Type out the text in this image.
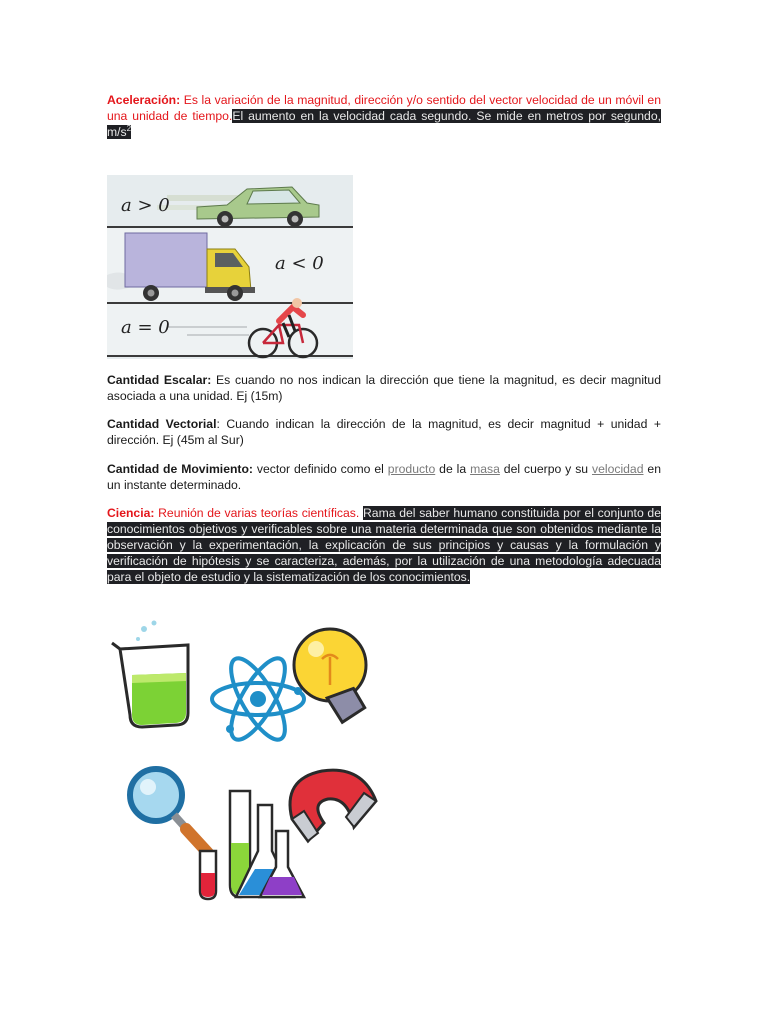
Aceleración: Es la variación de la magnitud, dirección y/o sentido del vector velocidad de un móvil en una unidad de tiempo.El aumento en la velocidad cada segundo. Se mide en metros por segundo, $m/s^2$
a > 0
a < 0
a = 0
Cantidad Escalar: Es cuando no nos indican la dirección que tiene la magnitud, es decir magnitud asociada a una unidad. Ej (15m)
Cantidad Vectorial: Cuando indican la dirección de la magnitud, es decir magnitud + unidad + dirección. Ej (45m al Sur)
Cantidad de Movimiento: vector definido como el producto de la masa del cuerpo y su velocidad en un instante determinado.
Ciencia: Reunión de varias teorías científicas. Rama del saber humano constituida por el conjunto de conocimientos objetivos y verificables sobre una materia determinada que son obtenidos mediante la observación y la experimentación, la explicación de sus principios y causas y la formulación y verificación de hipótesis y se caracteriza, además, por la utilización de una metodología adecuada para el objeto de estudio y la sistematización de los conocimientos.
